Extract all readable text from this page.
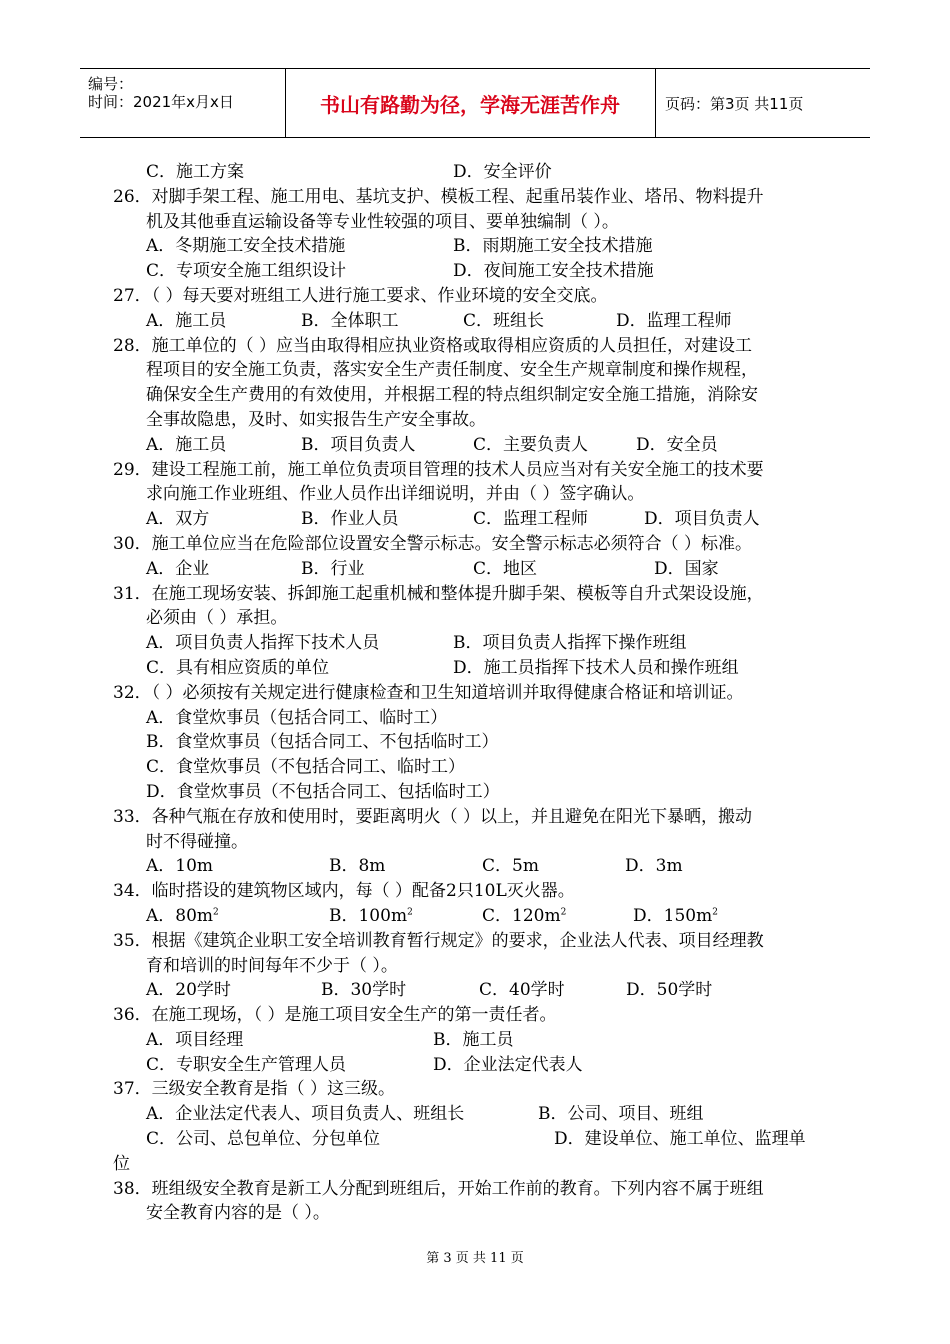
编号：
时间：2021年x月x日	书山有路勤为径，学海无涯苦作舟	页码：第3页 共11页
C．施工方案	D．安全评价
26．对脚手架工程、施工用电、基坑支护、模板工程、起重吊装作业、塔吊、物料提升
机及其他垂直运输设备等专业性较强的项目、要单独编制（ ）。
A．冬期施工安全技术措施	B．雨期施工安全技术措施
C．专项安全施工组织设计	D．夜间施工安全技术措施
27．（ ）每天要对班组工人进行施工要求、作业环境的安全交底。
A．施工员	B．全体职工	C．班组长	D．监理工程师
28．施工单位的（ ）应当由取得相应执业资格或取得相应资质的人员担任，对建设工
程项目的安全施工负责，落实安全生产责任制度、安全生产规章制度和操作规程，
确保安全生产费用的有效使用，并根据工程的特点组织制定安全施工措施，消除安
全事故隐患，及时、如实报告生产安全事故。
A．施工员	B．项目负责人	C．主要负责人	D．安全员
29．建设工程施工前，施工单位负责项目管理的技术人员应当对有关安全施工的技术要
求向施工作业班组、作业人员作出详细说明，并由（ ）签字确认。
A．双方	B．作业人员	C．监理工程师	D．项目负责人
30．施工单位应当在危险部位设置安全警示标志。安全警示标志必须符合（ ）标准。
A．企业	B．行业	C．地区	D．国家
31．在施工现场安装、拆卸施工起重机械和整体提升脚手架、模板等自升式架设设施，
必须由（ ）承担。
A．项目负责人指挥下技术人员	B．项目负责人指挥下操作班组
C．具有相应资质的单位	D．施工员指挥下技术人员和操作班组
32．（ ）必须按有关规定进行健康检查和卫生知道培训并取得健康合格证和培训证。
A．食堂炊事员（包括合同工、临时工）
B．食堂炊事员（包括合同工、不包括临时工）
C．食堂炊事员（不包括合同工、临时工）
D．食堂炊事员（不包括合同工、包括临时工）
33．各种气瓶在存放和使用时，要距离明火（ ）以上，并且避免在阳光下暴晒，搬动
时不得碰撞。
A．10m	B．8m	C．5m	D．3m
34．临时搭设的建筑物区域内，每（ ）配备2只10L灭火器。
A．$80m^2$	B．$100m^2$	C．$120m^2$	D．$150m^2$
35．根据《建筑企业职工安全培训教育暂行规定》的要求，企业法人代表、项目经理教
育和培训的时间每年不少于（ ）。
A．20学时	B．30学时	C．40学时	D．50学时
36．在施工现场，（ ）是施工项目安全生产的第一责任者。
A．项目经理	B．施工员
C．专职安全生产管理人员	D．企业法定代表人
37．三级安全教育是指（ ）这三级。
A．企业法定代表人、项目负责人、班组长	B．公司、项目、班组
C．公司、总包单位、分包单位	D．建设单位、施工单位、监理单
位
38．班组级安全教育是新工人分配到班组后，开始工作前的教育。下列内容不属于班组
安全教育内容的是（ ）。
第 3 页 共 11 页
